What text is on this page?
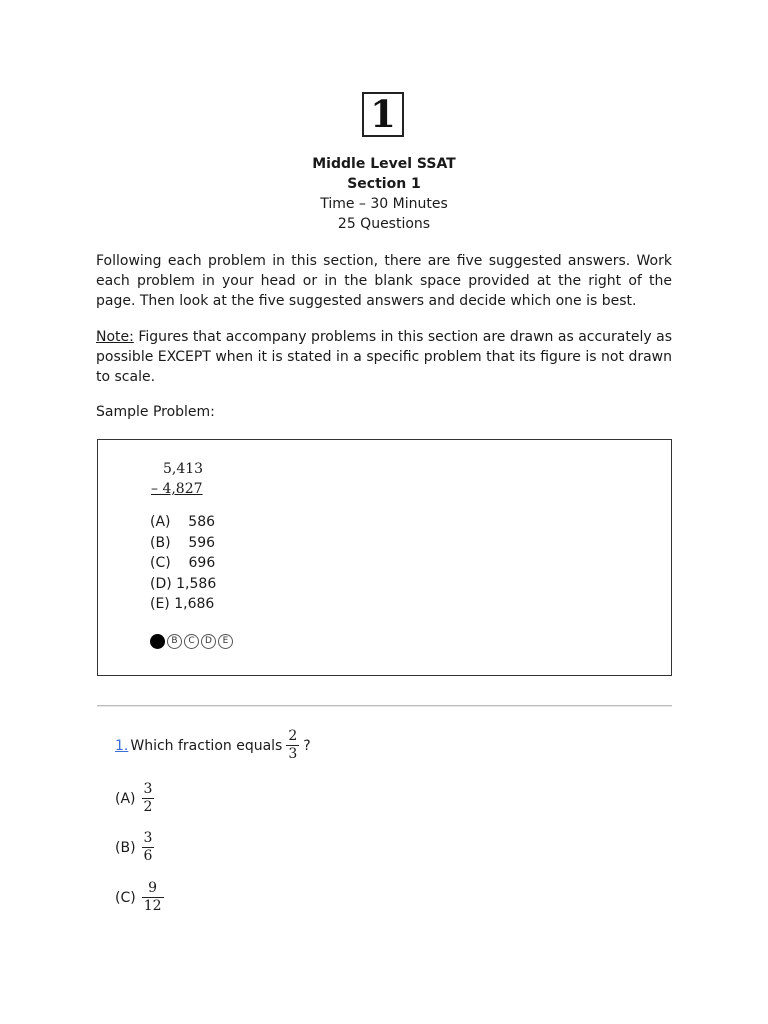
1
Middle Level SSAT
Section 1
Time – 30 Minutes
25 Questions
Following each problem in this section, there are five suggested answers. Work each problem in your head or in the blank space provided at the right of the page. Then look at the five suggested answers and decide which one is best.
Note: Figures that accompany problems in this section are drawn as accurately as possible EXCEPT when it is stated in a specific problem that its figure is not drawn to scale.
Sample Problem:
5,413
– 4,827
(A)    586
(B)    596
(C)    696
(D) 1,586
(E) 1,686
B	C	D	E
1. Which fraction equals $\frac{2}{3}$ ?
$(A) \frac{3}{2}$
$(B) \frac{3}{6}$
$(C) \frac{9}{12}$
